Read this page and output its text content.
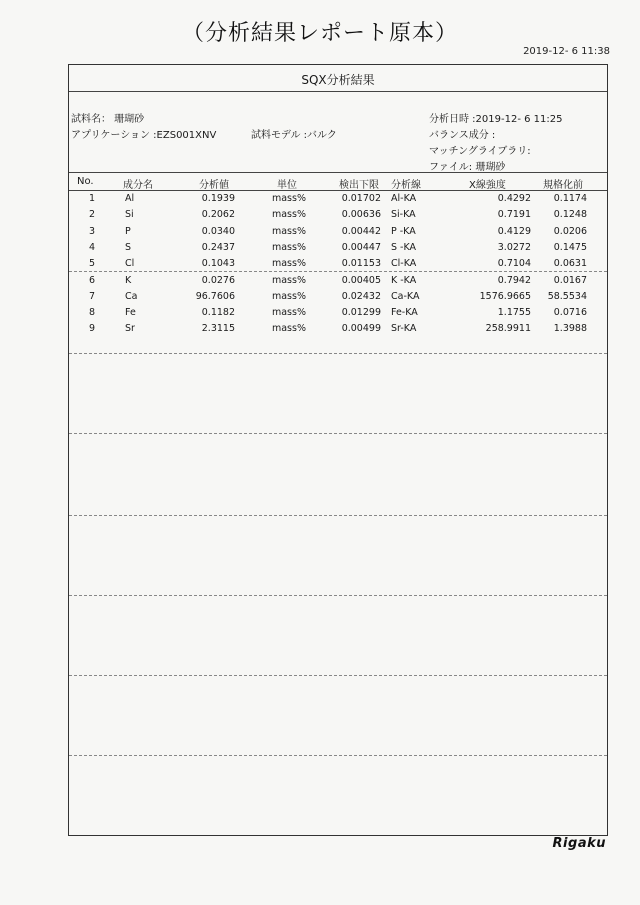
（分析結果レポート原本）
2019-12- 6 11:38
SQX分析結果
試料名： 珊瑚砂
アプリケーション :EZS001XNV	試料モデル :バルク
分析日時 :2019-12- 6 11:25
バランス成分 :
マッチングライブラリ:
ファイル: 珊瑚砂
No.	成分名	分析値	単位	検出下限 分析線	X線強度	規格化前
1	Al	0.1939	mass%	0.01702 Al-KA	0.4292	0.1174
2	Si	0.2062	mass%	0.00636 Si-KA	0.7191	0.1248
3	P	0.0340	mass%	0.00442 P -KA	0.4129	0.0206
4	S	0.2437	mass%	0.00447 S -KA	3.0272	0.1475
5	Cl	0.1043	mass%	0.01153 Cl-KA	0.7104	0.0631
6	K	0.0276	mass%	0.00405 K -KA	0.7942	0.0167
7	Ca	96.7606	mass%	0.02432 Ca-KA	1576.9665	58.5534
8	Fe	0.1182	mass%	0.01299 Fe-KA	1.1755	0.0716
9	Sr	2.3115	mass%	0.00499 Sr-KA	258.9911	1.3988
Rigaku
